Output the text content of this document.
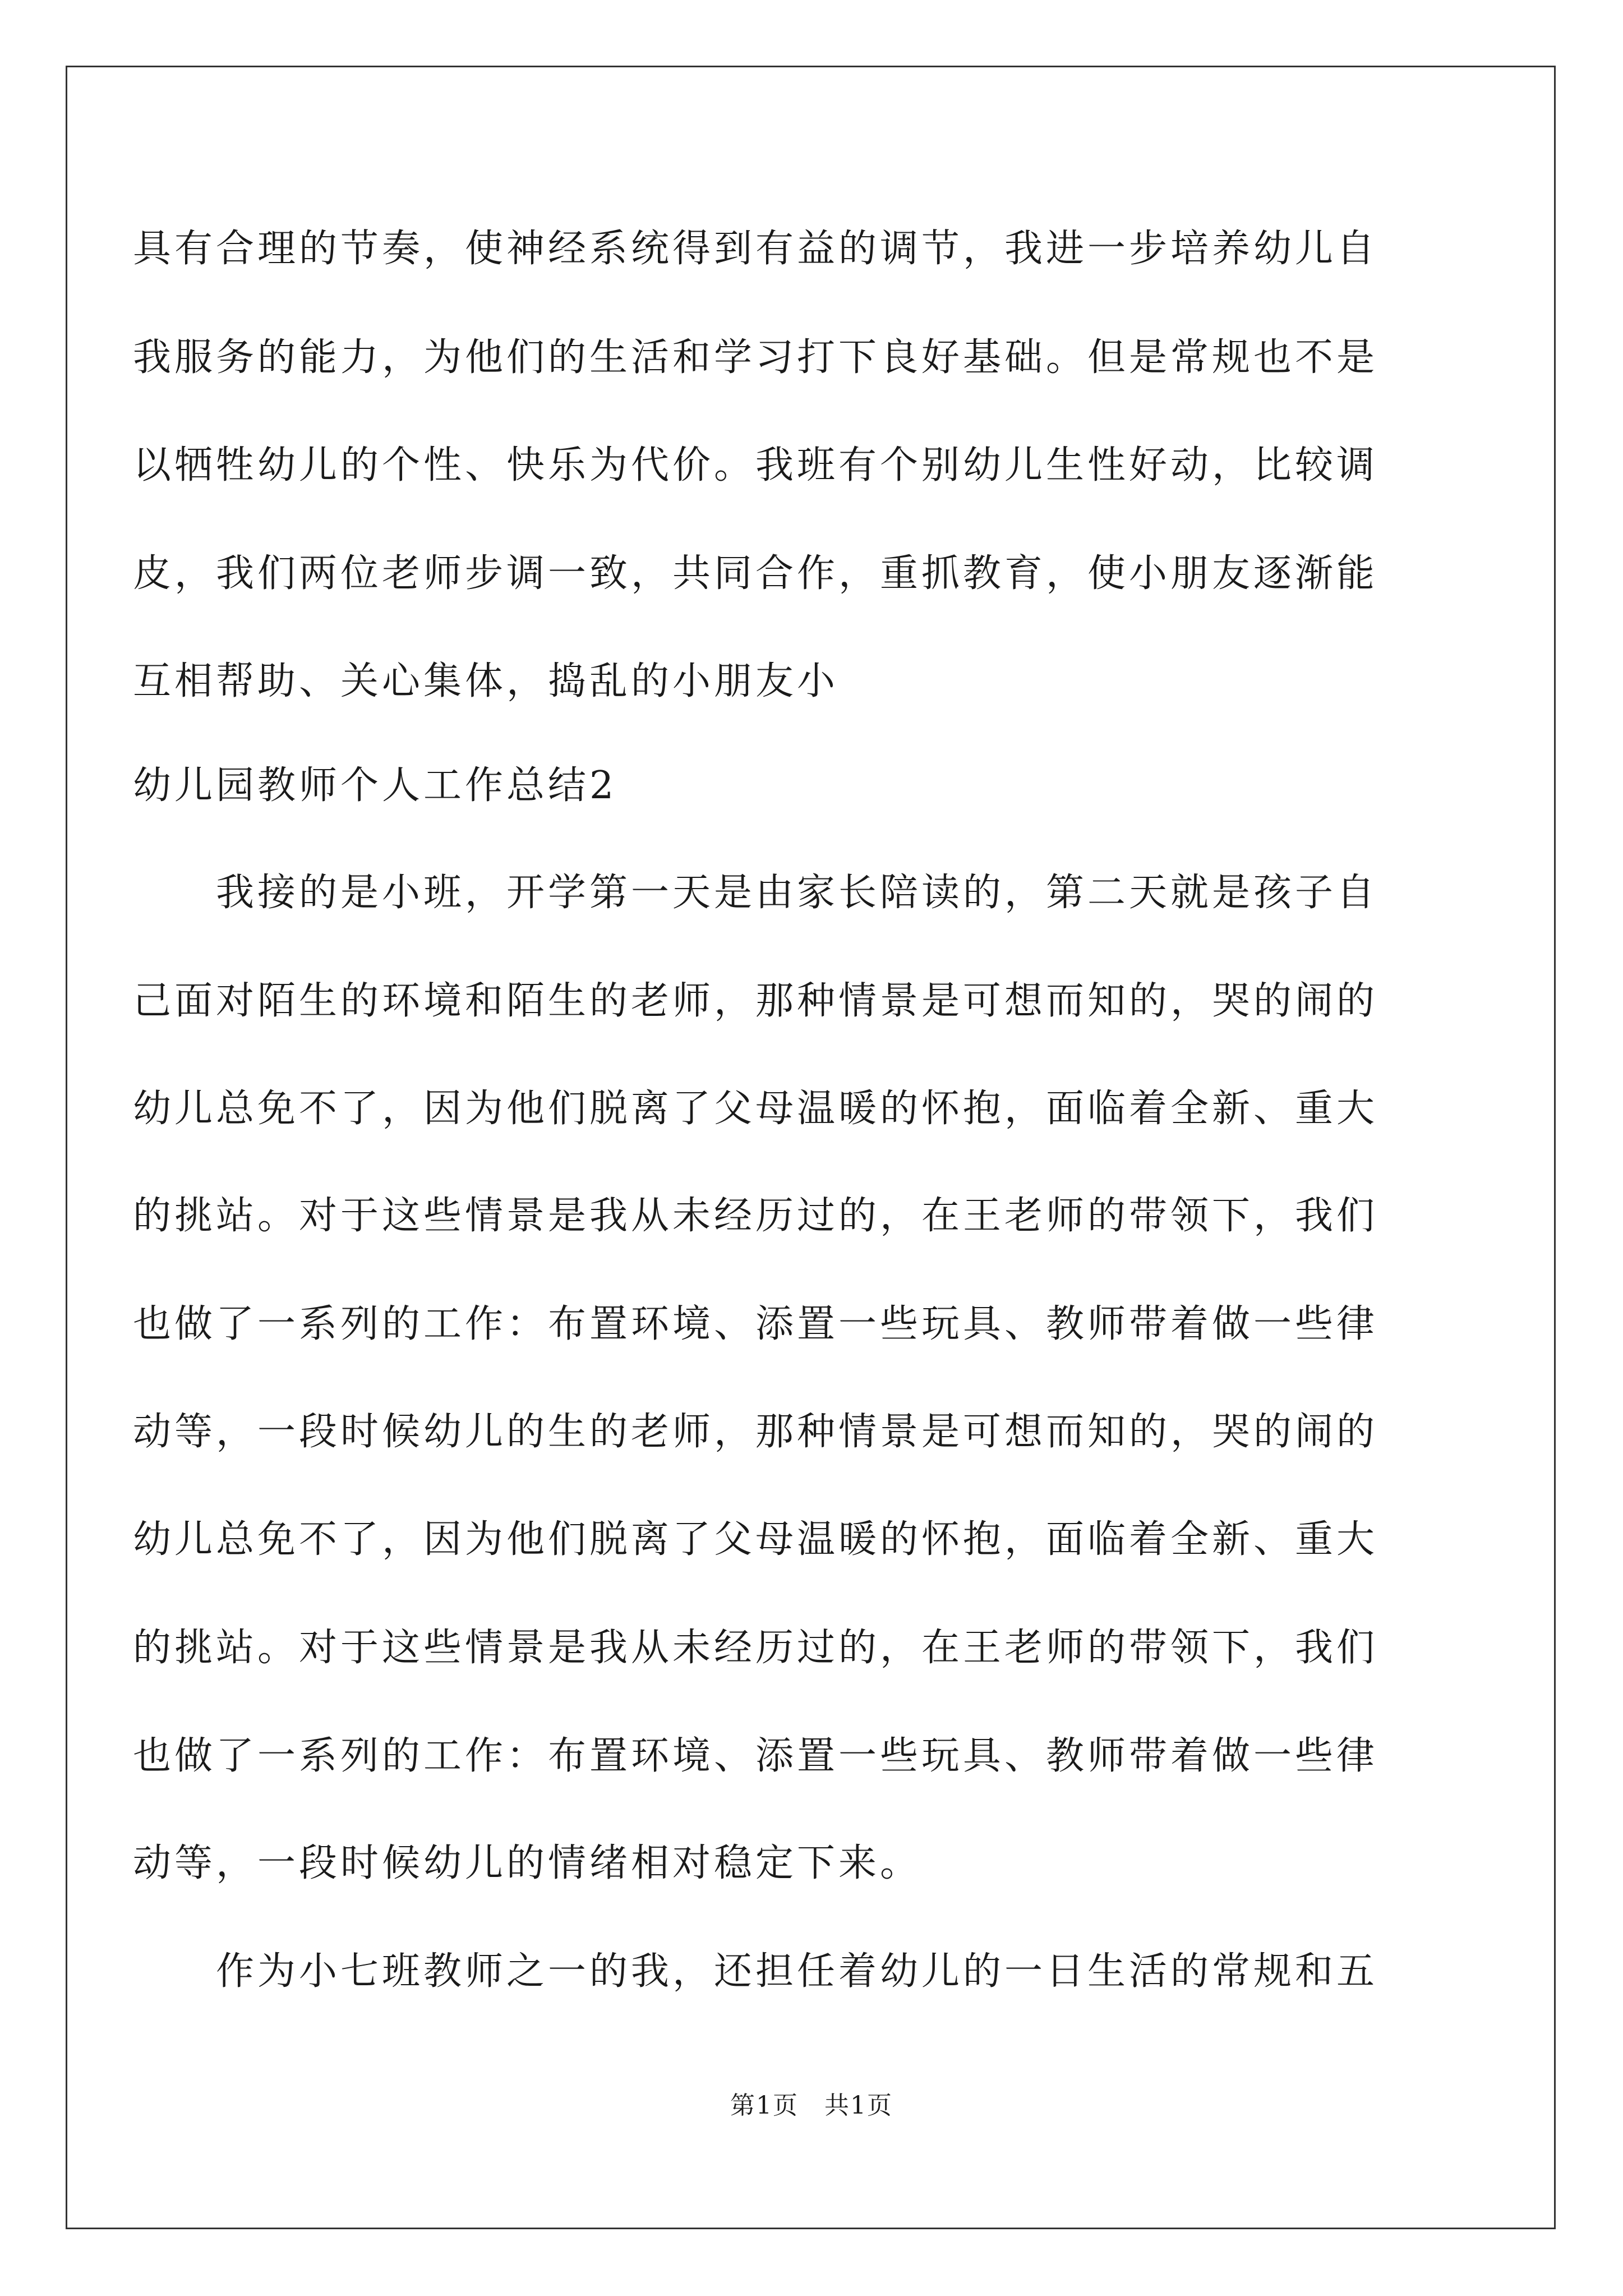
具有合理的节奏，使神经系统得到有益的调节，我进一步培养幼儿自
我服务的能力，为他们的生活和学习打下良好基础。但是常规也不是
以牺牲幼儿的个性、快乐为代价。我班有个别幼儿生性好动，比较调
皮，我们两位老师步调一致，共同合作，重抓教育，使小朋友逐渐能
互相帮助、关心集体，捣乱的小朋友小
幼儿园教师个人工作总结2
　　我接的是小班，开学第一天是由家长陪读的，第二天就是孩子自
己面对陌生的环境和陌生的老师，那种情景是可想而知的，哭的闹的
幼儿总免不了，因为他们脱离了父母温暖的怀抱，面临着全新、重大
的挑站。对于这些情景是我从未经历过的，在王老师的带领下，我们
也做了一系列的工作：布置环境、添置一些玩具、教师带着做一些律
动等，一段时候幼儿的生的老师，那种情景是可想而知的，哭的闹的
幼儿总免不了，因为他们脱离了父母温暖的怀抱，面临着全新、重大
的挑站。对于这些情景是我从未经历过的，在王老师的带领下，我们
也做了一系列的工作：布置环境、添置一些玩具、教师带着做一些律
动等，一段时候幼儿的情绪相对稳定下来。
　　作为小七班教师之一的我，还担任着幼儿的一日生活的常规和五
第1页　共1页
